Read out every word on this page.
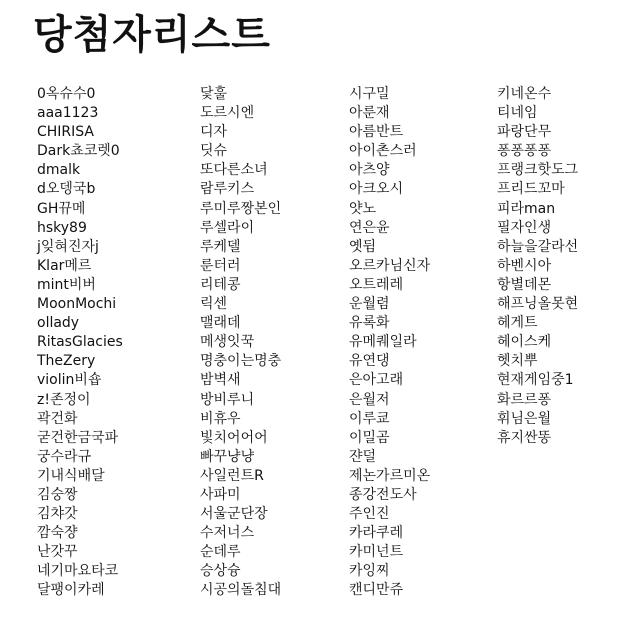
당첨자리스트
0옥슈수0
aaa1123
CHIRISA
Dark쵸코렛0
dmalk
d오뎅국b
GH뀨메
hsky89
j잊혀진자j
Klar메르
mint비버
MoonMochi
ollady
RitasGlacies
TheZery
violin비숍
z!존정이
곽건화
굳건한금국파
궁수라규
기내식배달
김숭짱
김챠갓
깜숙쟝
난갓꾸
네기마요타코
달팽이카레
닻훌
도르시엔
디자
딧슈
또다른소녀
람루키스
루미루짱본인
루셀라이
루케델
룬터러
리테콩
릭센
맬래데
메생잇꾹
명충이는명충
밤벽새
방비루니
비휴우
빛치어어어
빠꾸냥냥
사일런트R
사파미
서울군단장
수저너스
순데루
승상슝
시공의돌침대
시구밀
아룬재
아름반트
아이촌스러
아츠양
아크오시
얏노
연은윤
옛뒴
오르카님신자
오트레레
운월렴
유록화
유메퀘일라
유연댕
은아고래
은월저
이루쿄
이밀곰
쟌덜
제논가르미온
종강전도사
주인진
카라쿠레
카미넌트
카잉찌
캔디만쥬
키네온수
티네임
파랑단무
퐁퐁퐁퐁
프랭크핫도그
프리드꼬마
피라man
필자인생
하늘을갈라선
하벤시아
항별데몬
해프닝올못현
헤게트
헤이스케
헷치뿌
현재게임중1
화르르퐁
휘님은월
휴지싼똥
